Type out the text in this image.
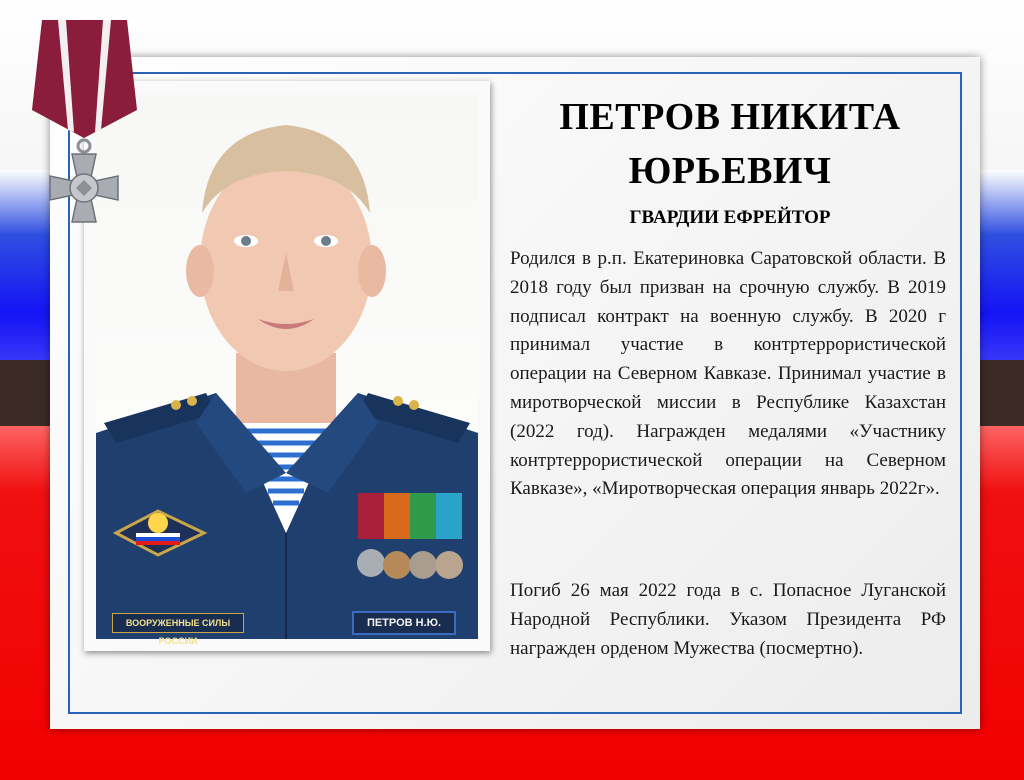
ВООРУЖЕННЫЕ СИЛЫ РОССИИ
ПЕТРОВ Н.Ю.
ПЕТРОВ НИКИТА
ЮРЬЕВИЧ
ГВАРДИИ ЕФРЕЙТОР

Родился в р.п. Екатериновка Саратовской области. В 2018 году был призван на срочную службу. В 2019 подписал контракт на военную службу. В 2020 г принимал участие в контртеррористической операции на Северном Кавказе. Принимал участие в миротворческой миссии в Республике Казахстан (2022 год). Награжден медалями «Участнику контртеррористической операции на Северном Кавказе», «Миротворческая операция январь 2022г».

Погиб 26 мая 2022 года в с. Попасное Луганской Народной Республики. Указом Президента РФ награжден орденом Мужества (посмертно).
